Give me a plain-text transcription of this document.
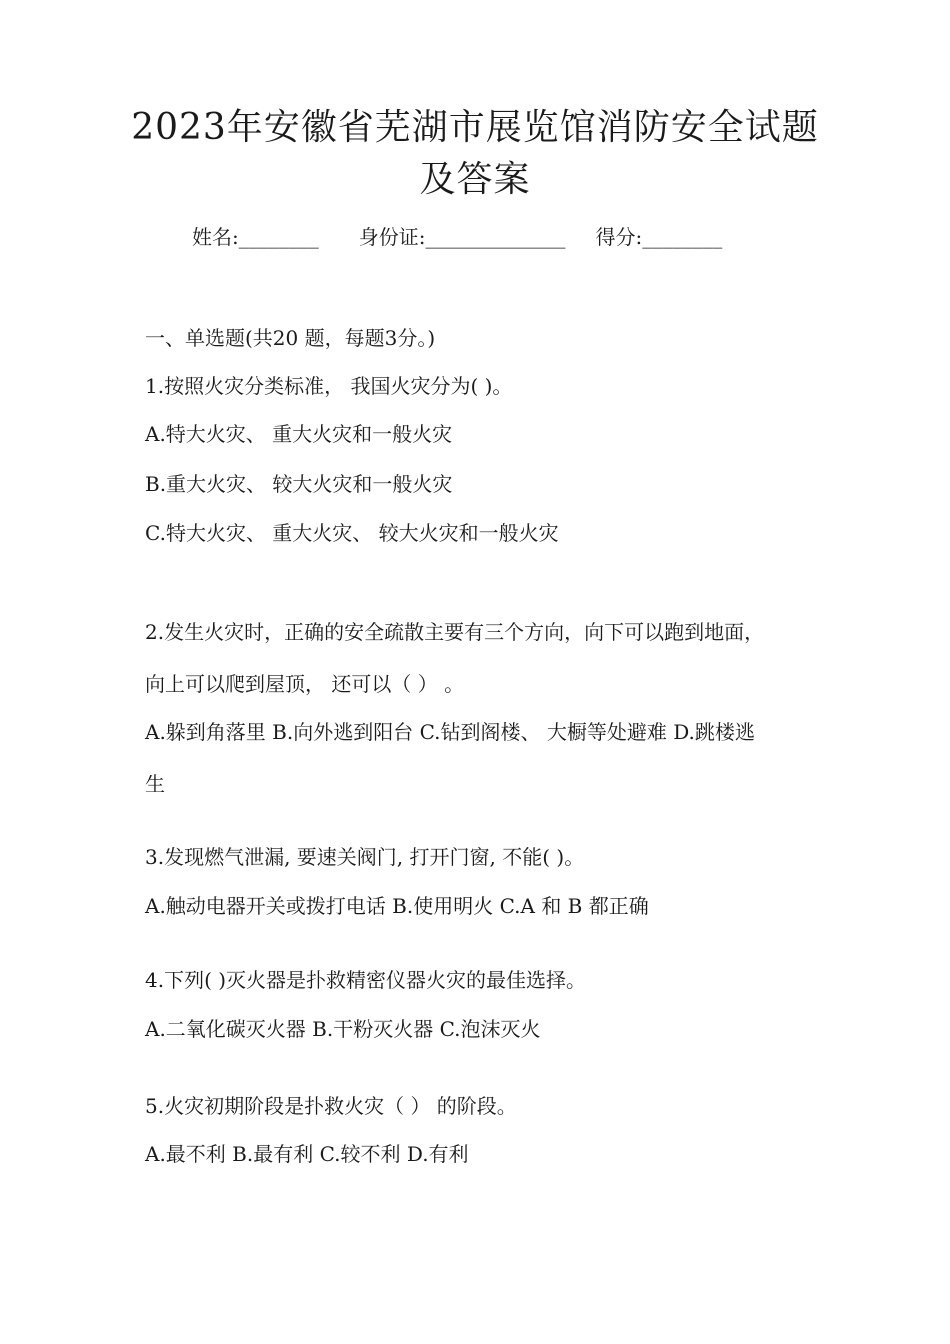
2023年安徽省芜湖市展览馆消防安全试题
及答案
姓名:________ 身份证:______________ 得分:________
一、单选题(共20 题，每题3分。)
1.按照火灾分类标准， 我国火灾分为( )。
A.特大火灾、 重大火灾和一般火灾
B.重大火灾、 较大火灾和一般火灾
C.特大火灾、 重大火灾、 较大火灾和一般火灾
2.发生火灾时，正确的安全疏散主要有三个方向，向下可以跑到地面，
向上可以爬到屋顶， 还可以（ ） 。
A.躲到角落里 B.向外逃到阳台 C.钻到阁楼、 大橱等处避难 D.跳楼逃
生
3.发现燃气泄漏, 要速关阀门, 打开门窗, 不能( )。
A.触动电器开关或拨打电话 B.使用明火 C.A 和 B 都正确
4.下列( )灭火器是扑救精密仪器火灾的最佳选择。
A.二氧化碳灭火器 B.干粉灭火器 C.泡沫灭火
5.火灾初期阶段是扑救火灾（ ） 的阶段。
A.最不利 B.最有利 C.较不利 D.有利
